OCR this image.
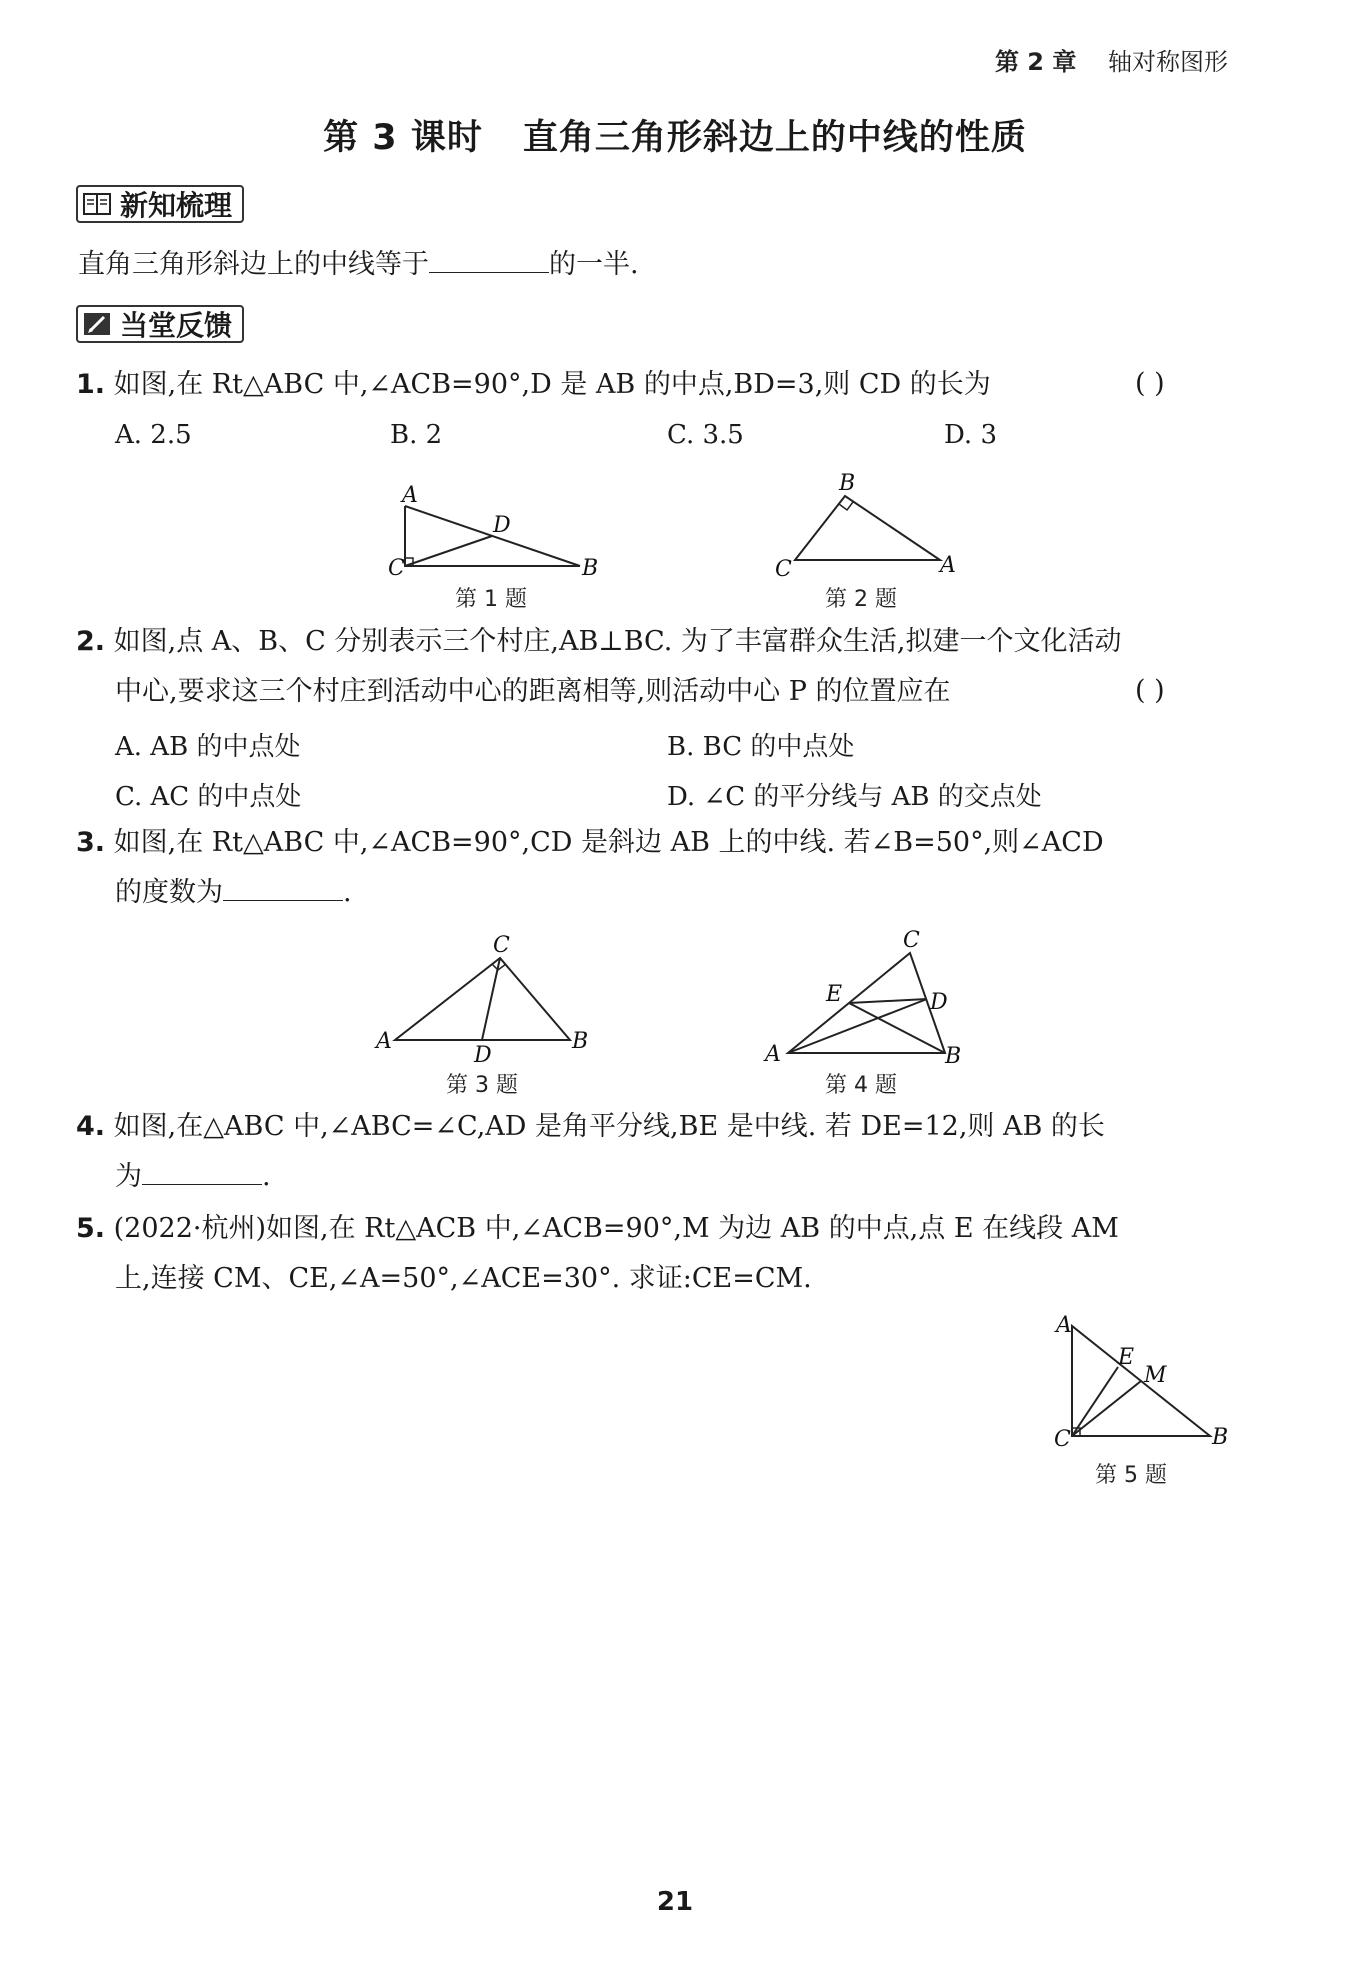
第 2 章 轴对称图形
第 3 课时 直角三角形斜边上的中线的性质
新知梳理
直角三角形斜边上的中线等于	的一半.
当堂反馈
1. 如图,在 Rt△ABC 中,∠ACB=90°,D 是 AB 的中点,BD=3,则 CD 的长为	( )
A. 2.5	B. 2	C. 3.5	D. 3
A
D
C	B
第 1 题
B
C	A
第 2 题
2. 如图,点 A、B、C 分别表示三个村庄,AB⊥BC. 为了丰富群众生活,拟建一个文化活动
中心,要求这三个村庄到活动中心的距离相等,则活动中心 P 的位置应在	( )
A. AB 的中点处	B. BC 的中点处
C. AC 的中点处	D. ∠C 的平分线与 AB 的交点处
3. 如图,在 Rt△ABC 中,∠ACB=90°,CD 是斜边 AB 上的中线. 若∠B=50°,则∠ACD
的度数为	.
C
A	B
D
第 3 题
C
E	D
A	B
第 4 题
4. 如图,在△ABC 中,∠ABC=∠C,AD 是角平分线,BE 是中线. 若 DE=12,则 AB 的长
为	.
5. (2022·杭州)如图,在 Rt△ACB 中,∠ACB=90°,M 为边 AB 的中点,点 E 在线段 AM
上,连接 CM、CE,∠A=50°,∠ACE=30°. 求证:CE=CM.
A
E
M
C	B
第 5 题
21
